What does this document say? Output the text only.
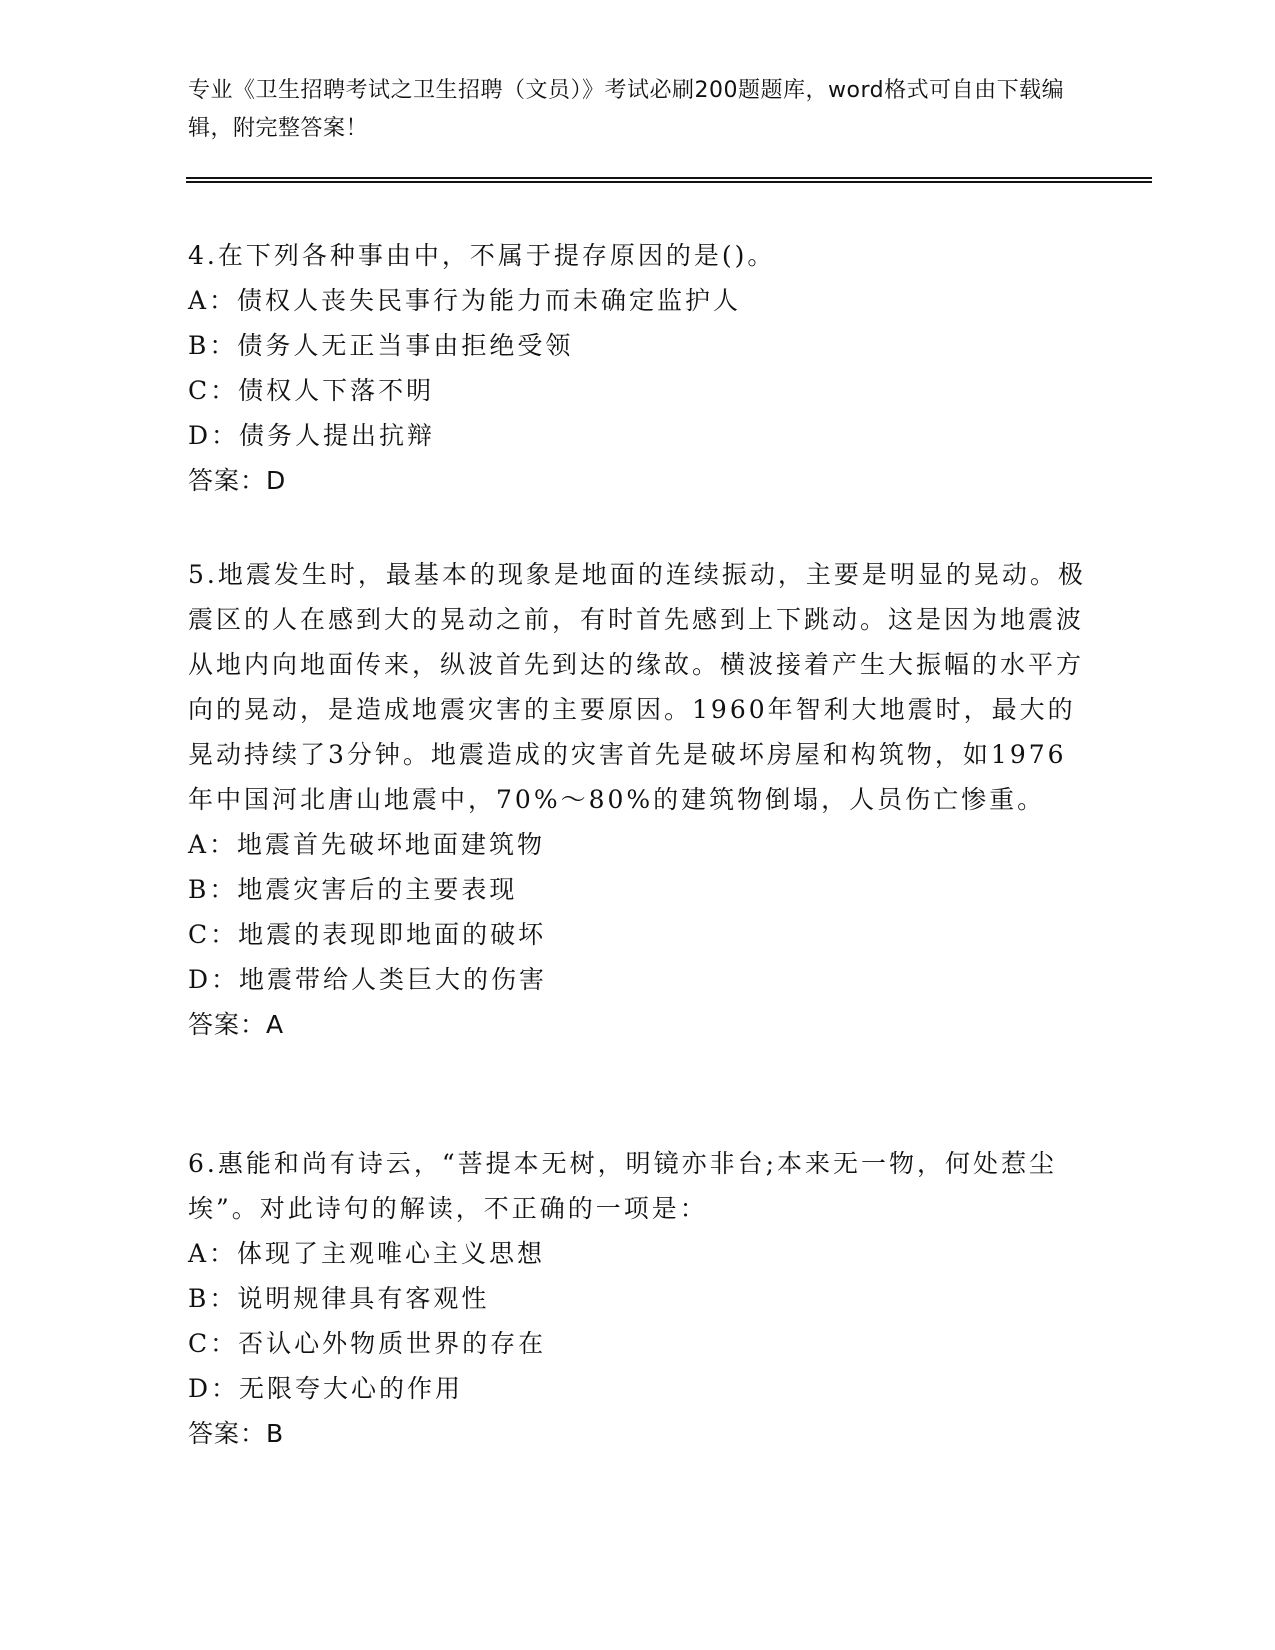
专业《卫生招聘考试之卫生招聘（文员）》考试必刷200题题库，word格式可自由下载编辑，附完整答案！
4.在下列各种事由中，不属于提存原因的是()。
A：债权人丧失民事行为能力而未确定监护人
B：债务人无正当事由拒绝受领
C：债权人下落不明
D：债务人提出抗辩
答案：D
5.地震发生时，最基本的现象是地面的连续振动，主要是明显的晃动。极震区的人在感到大的晃动之前，有时首先感到上下跳动。这是因为地震波从地内向地面传来，纵波首先到达的缘故。横波接着产生大振幅的水平方向的晃动，是造成地震灾害的主要原因。1960年智利大地震时，最大的晃动持续了3分钟。地震造成的灾害首先是破坏房屋和构筑物，如1976年中国河北唐山地震中，70%～80%的建筑物倒塌，人员伤亡惨重。
A：地震首先破坏地面建筑物
B：地震灾害后的主要表现
C：地震的表现即地面的破坏
D：地震带给人类巨大的伤害
答案：A
6.惠能和尚有诗云，“菩提本无树，明镜亦非台;本来无一物，何处惹尘埃”。对此诗句的解读，不正确的一项是：
A：体现了主观唯心主义思想
B：说明规律具有客观性
C：否认心外物质世界的存在
D：无限夸大心的作用
答案：B
